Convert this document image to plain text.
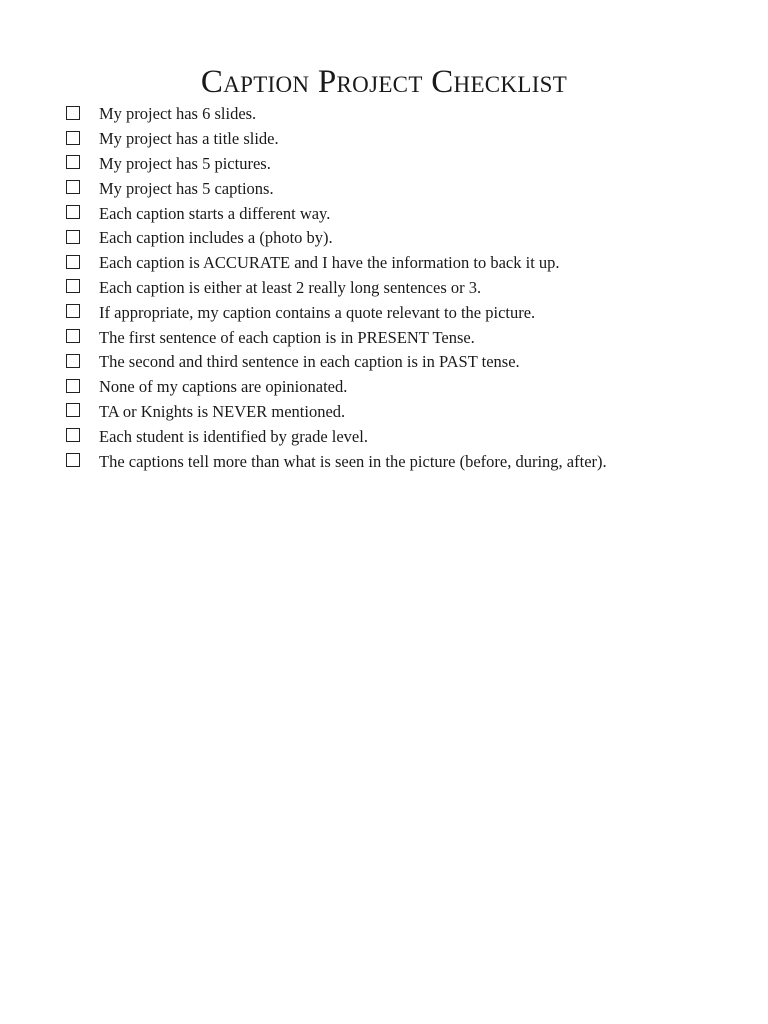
Caption Project Checklist
My project has 6 slides.
My project has a title slide.
My project has 5 pictures.
My project has 5 captions.
Each caption starts a different way.
Each caption includes a (photo by).
Each caption is ACCURATE and I have the information to back it up.
Each caption is either at least 2 really long sentences or 3.
If appropriate, my caption contains a quote relevant to the picture.
The first sentence of each caption is in PRESENT Tense.
The second and third sentence in each caption is in PAST tense.
None of my captions are opinionated.
TA or Knights is NEVER mentioned.
Each student is identified by grade level.
The captions tell more than what is seen in the picture (before, during, after).
